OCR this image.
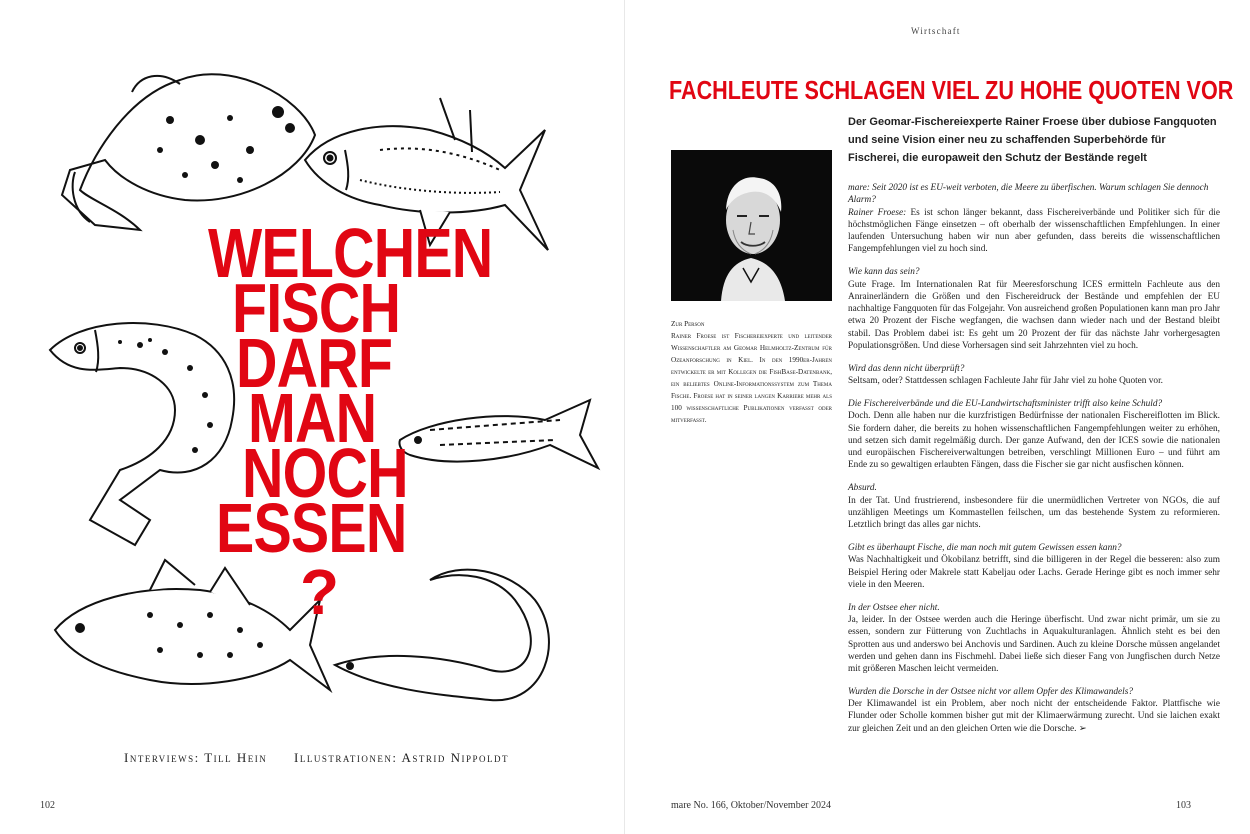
WELCHEN
FISCH
DARF
MAN
NOCH
ESSEN
?
Interviews: Till Hein Illustrationen: Astrid Nippoldt
102
Wirtschaft
FACHLEUTE SCHLAGEN VIEL ZU HOHE QUOTEN VOR

Der Geomar-Fischereiexperte Rainer Froese über dubiose Fangquoten und seine Vision einer neu zu schaffenden Superbehörde für Fischerei, die europaweit den Schutz der Bestände regelt

Zur Person
Rainer Froese ist Fischereiexperte und leitender Wissenschaftler am Geomar Helmholtz-Zentrum für Ozeanforschung in Kiel. In den 1990er-Jahren entwickelte er mit Kollegen die FishBase-Datenbank, ein beliebtes Online-Informationssystem zum Thema Fische. Froese hat in seiner langen Karriere mehr als 100 wissenschaftliche Publikationen verfasst oder mitverfasst.

mare: Seit 2020 ist es EU-weit verboten, die Meere zu überfischen. Warum schlagen Sie dennoch Alarm?

Rainer Froese: Es ist schon länger bekannt, dass Fischereiverbände und Politiker sich für die höchstmöglichen Fänge einsetzen – oft oberhalb der wissenschaftlichen Empfehlungen. In einer laufenden Untersuchung haben wir nun aber gefunden, dass bereits die wissenschaftlichen Fangempfehlungen viel zu hoch sind.

Wie kann das sein?

Gute Frage. Im Internationalen Rat für Meeresforschung ICES ermitteln Fachleute aus den Anrainerländern die Größen und den Fischereidruck der Bestände und empfehlen der EU nachhaltige Fangquoten für das Folgejahr. Von ausreichend großen Populationen kann man pro Jahr etwa 20 Prozent der Fische wegfangen, die wachsen dann wieder nach und der Bestand bleibt stabil. Das Problem dabei ist: Es geht um 20 Prozent der für das nächste Jahr vorhergesagten Populationsgrößen. Und diese Vorhersagen sind seit Jahrzehnten viel zu hoch.

Wird das denn nicht überprüft?

Seltsam, oder? Stattdessen schlagen Fachleute Jahr für Jahr viel zu hohe Quoten vor.

Die Fischereiverbände und die EU-Landwirtschaftsminister trifft also keine Schuld?

Doch. Denn alle haben nur die kurzfristigen Bedürfnisse der nationalen Fischereiflotten im Blick. Sie fordern daher, die bereits zu hohen wissenschaftlichen Fangempfehlungen weiter zu erhöhen, und setzen sich damit regelmäßig durch. Der ganze Aufwand, den der ICES sowie die nationalen und europäischen Fischereiverwaltungen betreiben, verschlingt Millionen Euro – und führt am Ende zu so gewaltigen erlaubten Fängen, dass die Fischer sie gar nicht ausfischen können.

Absurd.

In der Tat. Und frustrierend, insbesondere für die unermüdlichen Vertreter von NGOs, die auf unzähligen Meetings um Kommastellen feilschen, um das bestehende System zu reformieren. Letztlich bringt das alles gar nichts.

Gibt es überhaupt Fische, die man noch mit gutem Gewissen essen kann?

Was Nachhaltigkeit und Ökobilanz betrifft, sind die billigeren in der Regel die besseren: also zum Beispiel Hering oder Makrele statt Kabeljau oder Lachs. Gerade Heringe gibt es noch immer sehr viele in den Meeren.

In der Ostsee eher nicht.

Ja, leider. In der Ostsee werden auch die Heringe überfischt. Und zwar nicht primär, um sie zu essen, sondern zur Fütterung von Zuchtlachs in Aquakulturanlagen. Ähnlich steht es bei den Sprotten aus und anderswo bei Anchovis und Sardinen. Auch zu kleine Dorsche müssen angelandet werden und gehen dann ins Fischmehl. Dabei ließe sich dieser Fang von Jungfischen durch Netze mit größeren Maschen leicht vermeiden.

Wurden die Dorsche in der Ostsee nicht vor allem Opfer des Klimawandels?

Der Klimawandel ist ein Problem, aber noch nicht der entscheidende Faktor. Plattfische wie Flunder oder Scholle kommen bisher gut mit der Klimaerwärmung zurecht. Und sie laichen exakt zur gleichen Zeit und an den gleichen Orten wie die Dorsche. ➢

mare No. 166, Oktober/November 2024	103
